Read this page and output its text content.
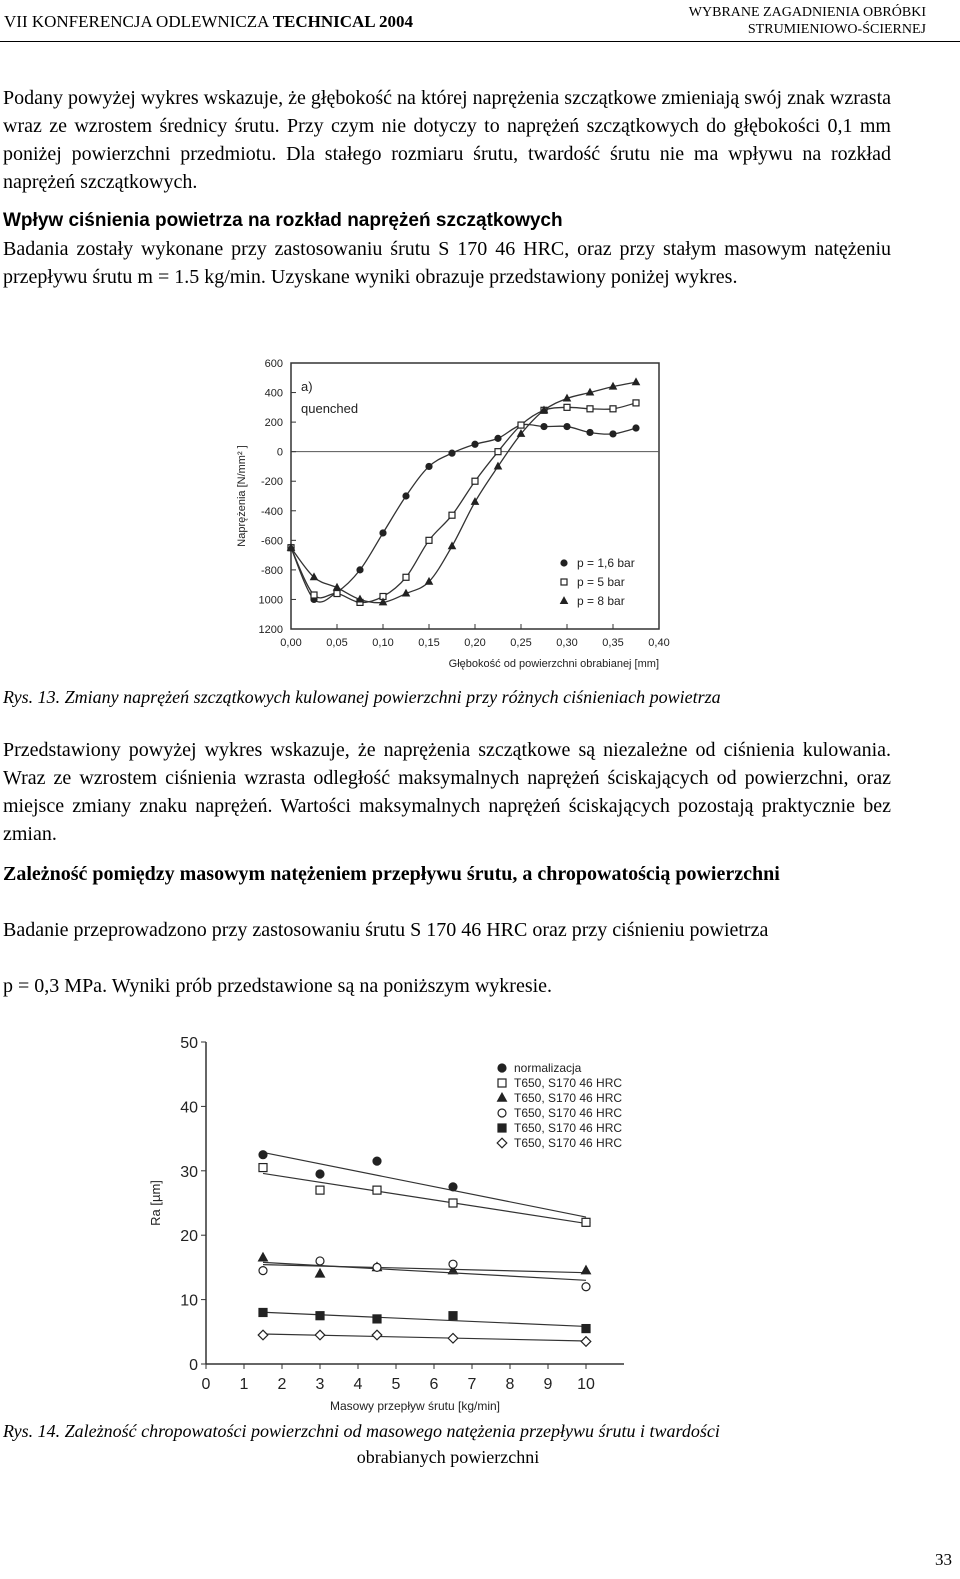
VII KONFERENCJA ODLEWNICZA TECHNICAL 2004	WYBRANE ZAGADNIENIA OBRÓBKI
STRUMIENIOWO-ŚCIERNEJ

Podany powyżej wykres wskazuje, że głębokość na której naprężenia szczątkowe zmieniają swój znak wzrasta wraz ze wzrostem średnicy śrutu. Przy czym nie dotyczy to naprężeń szczątkowych do głębokości 0,1 mm poniżej powierzchni przedmiotu. Dla stałego rozmiaru śrutu, twardość śrutu nie ma wpływu na rozkład naprężeń szczątkowych.

Wpływ ciśnienia powietrza na rozkład naprężeń szczątkowych

Badania zostały wykonane przy zastosowaniu śrutu S 170 46 HRC, oraz przy stałym masowym natężeniu przepływu śrutu m = 1.5 kg/min. Uzyskane wyniki obrazuje przedstawiony poniżej wykres.

600
400
200
0
-200
-400
-600
-800
1000
1200
0,00 0,05 0,10 0,15 0,20 0,25 0,30 0,35 0,40
Głębokość od powierzchni obrabianej [mm]
Naprężenia [N/mm² ]
a)
quenched
p = 1,6 bar
p = 5 bar
p = 8 bar

Rys. 13. Zmiany naprężeń szczątkowych kulowanej powierzchni przy różnych ciśnieniach powietrza

Przedstawiony powyżej wykres wskazuje, że naprężenia szczątkowe są niezależne od ciśnienia kulowania. Wraz ze wzrostem ciśnienia wzrasta odległość maksymalnych naprężeń ściskających od powierzchni, oraz miejsce zmiany znaku naprężeń. Wartości maksymalnych naprężeń ściskających pozostają praktycznie bez zmian.

Zależność pomiędzy masowym natężeniem przepływu śrutu, a chropowatością powierzchni

Badanie przeprowadzono przy zastosowaniu śrutu S 170 46 HRC oraz przy ciśnieniu powietrza

p = 0,3 MPa. Wyniki prób przedstawione są na poniższym wykresie.

0
10
20
30
40
50
0 1 2 3 4 5 6 7 8 9 10
Masowy przepływ śrutu [kg/min]
Ra [µm]
normalizacja
T650, S170 46 HRC
T650, S170 46 HRC
T650, S170 46 HRC
T650, S170 46 HRC
T650, S170 46 HRC

Rys. 14. Zależność chropowatości powierzchni od masowego natężenia przepływu śrutu i twardości
obrabianych powierzchni

33
